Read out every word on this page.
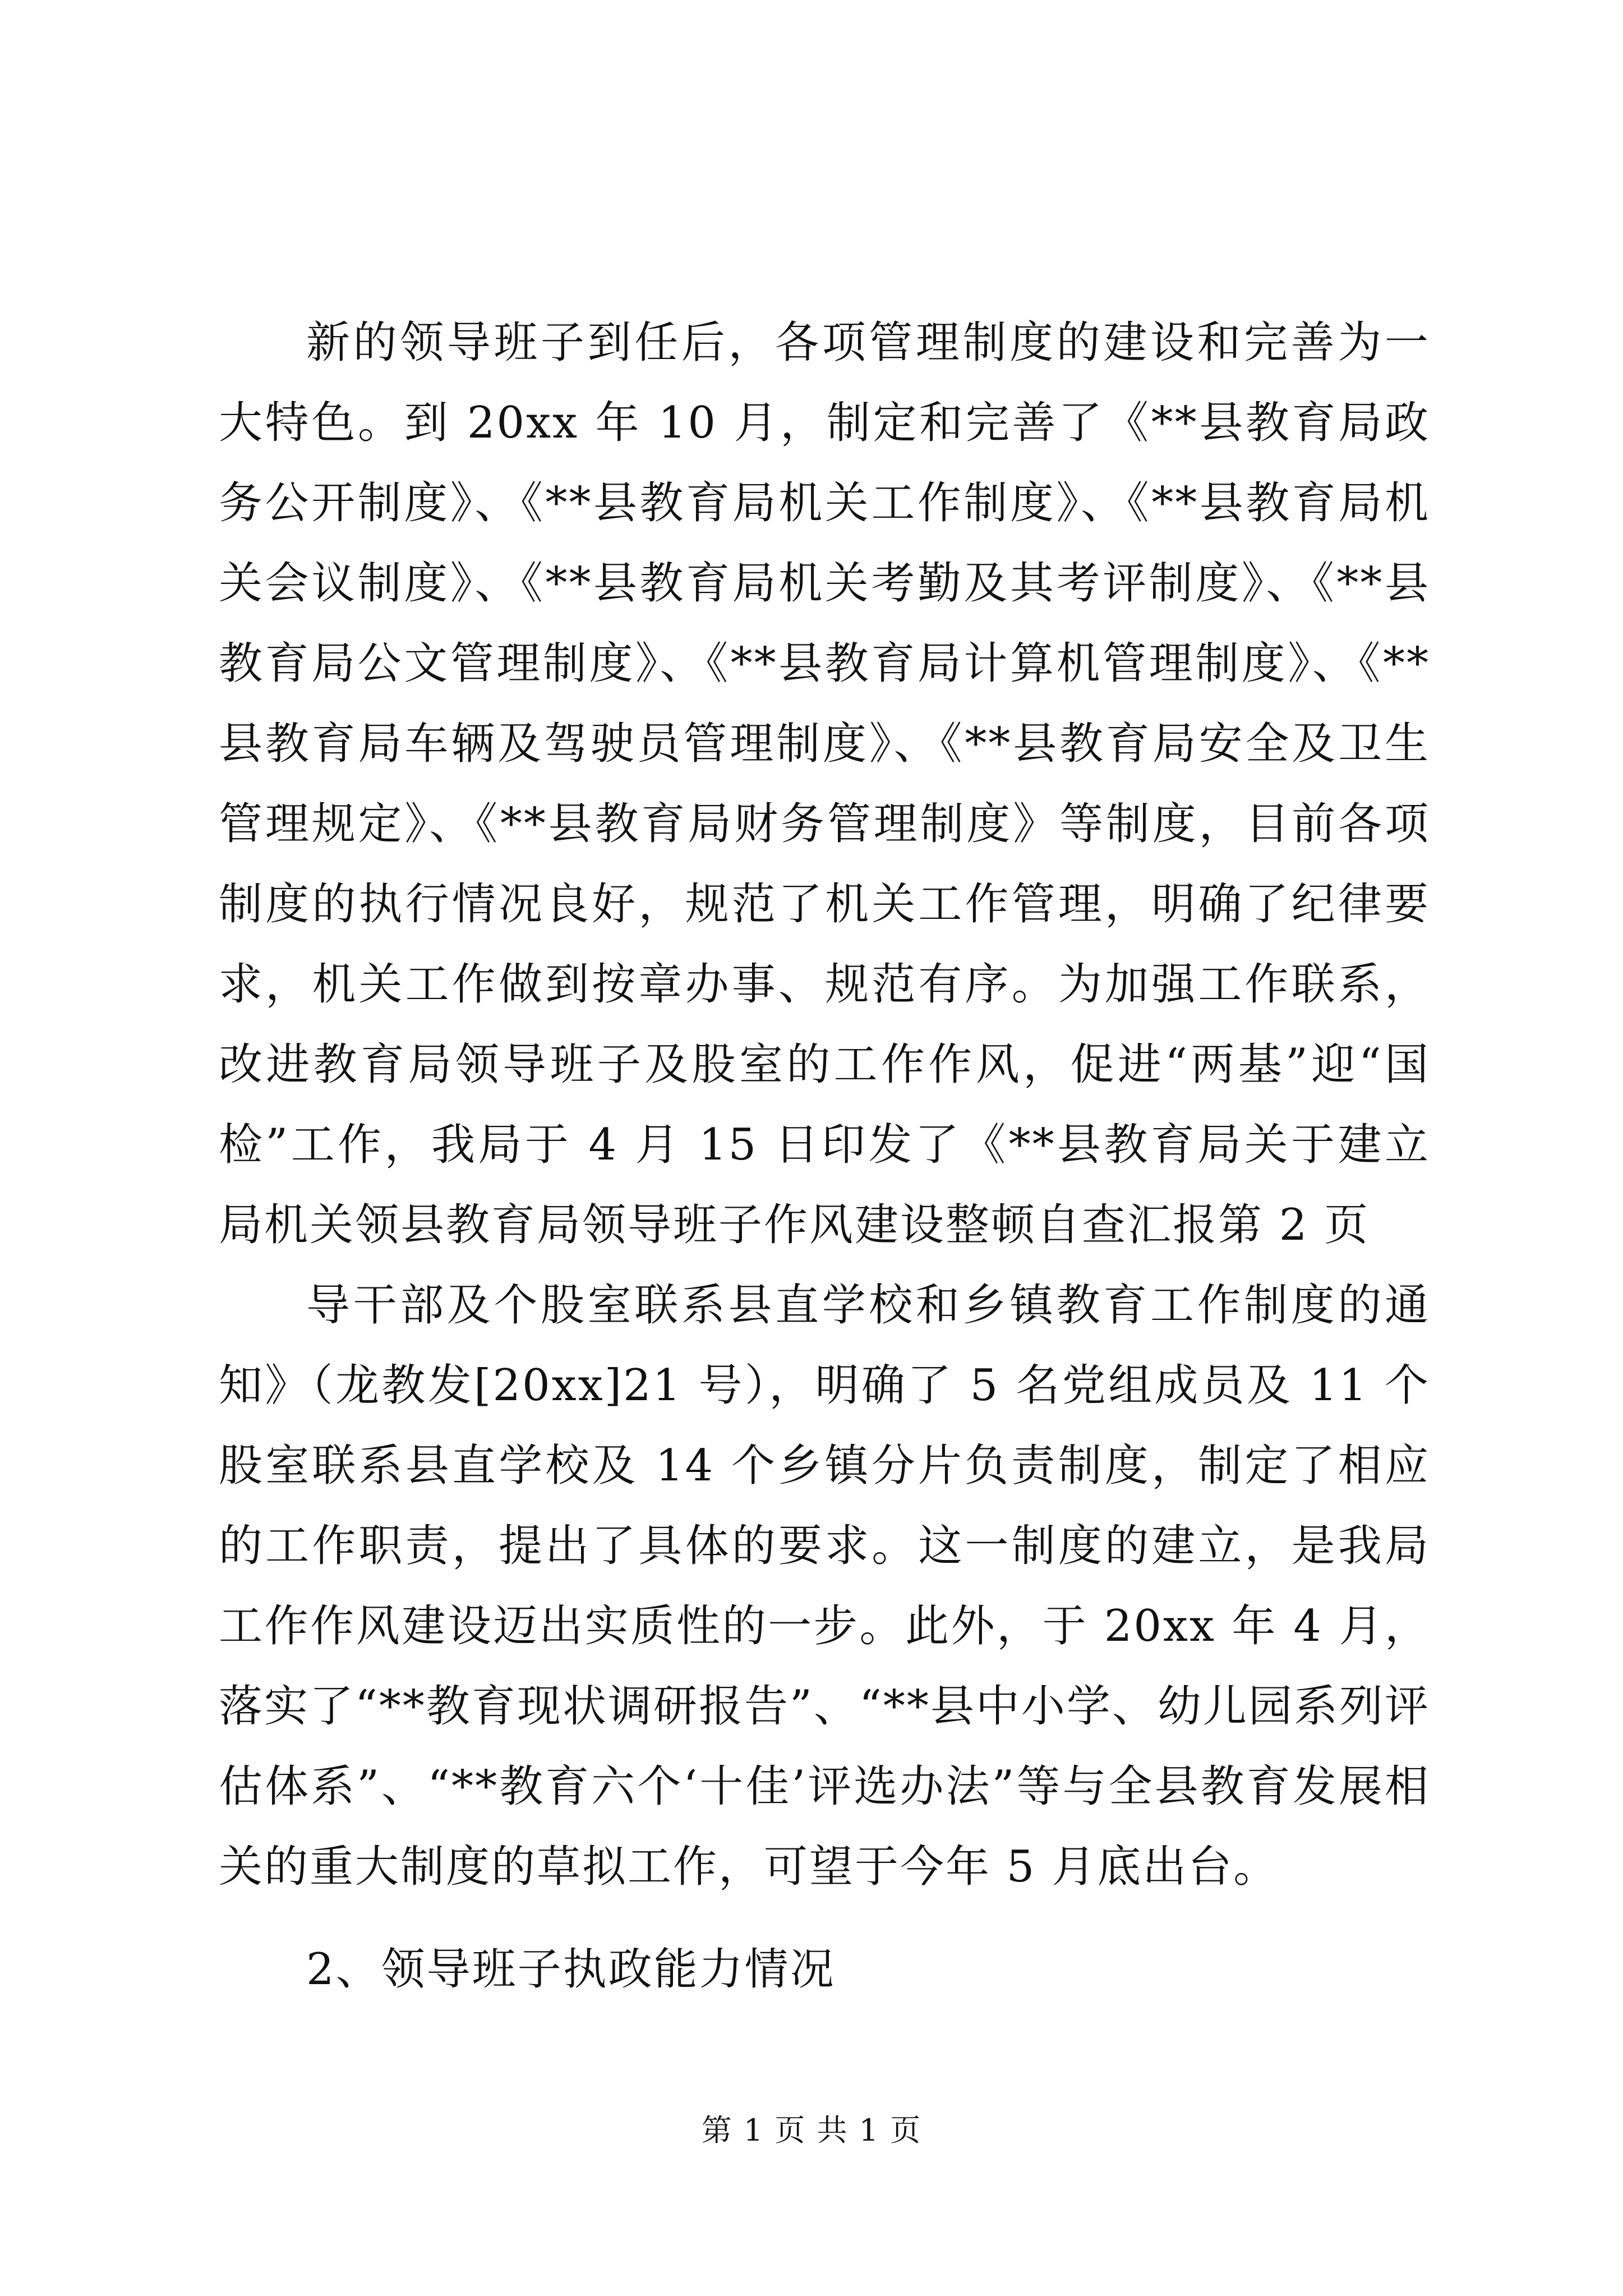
新的领导班子到任后，各项管理制度的建设和完善为一大特色。到 20xx 年 10 月，制定和完善了《**县教育局政务公开制度》、《**县教育局机关工作制度》、《**县教育局机关会议制度》、《**县教育局机关考勤及其考评制度》、《**县教育局公文管理制度》、《**县教育局计算机管理制度》、《**县教育局车辆及驾驶员管理制度》、《**县教育局安全及卫生管理规定》、《**县教育局财务管理制度》等制度，目前各项制度的执行情况良好，规范了机关工作管理，明确了纪律要求，机关工作做到按章办事、规范有序。为加强工作联系，改进教育局领导班子及股室的工作作风，促进“两基”迎“国检”工作，我局于 4 月 15 日印发了《**县教育局关于建立局机关领县教育局领导班子作风建设整顿自查汇报第 2 页

导干部及个股室联系县直学校和乡镇教育工作制度的通知》（龙教发[20xx]21 号），明确了 5 名党组成员及 11 个股室联系县直学校及 14 个乡镇分片负责制度，制定了相应的工作职责，提出了具体的要求。这一制度的建立，是我局工作作风建设迈出实质性的一步。此外，于 20xx 年 4 月，落实了“**教育现状调研报告”、“**县中小学、幼儿园系列评估体系”、“**教育六个‘十佳’评选办法”等与全县教育发展相关的重大制度的草拟工作，可望于今年 5 月底出台。

2、领导班子执政能力情况

第 1 页 共 1 页
